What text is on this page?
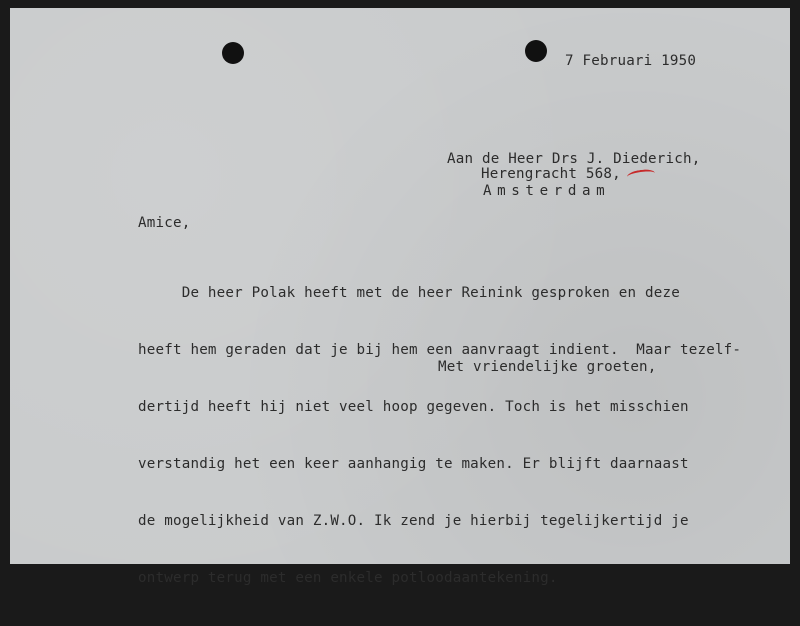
7 Februari 1950
Aan de Heer Drs J. Diederich,
Herengracht 568,
Amsterdam
Amice,

De heer Polak heeft met de heer Reinink gesproken en deze

heeft hem geraden dat je bij hem een aanvraagt indient.  Maar tezelf-

dertijd heeft hij niet veel hoop gegeven. Toch is het misschien

verstandig het een keer aanhangig te maken. Er blijft daarnaast

de mogelijkheid van Z.W.O. Ik zend je hierbij tegelijkertijd je

ontwerp terug met een enkele potloodaantekening.

Met vriendelijke groeten,
